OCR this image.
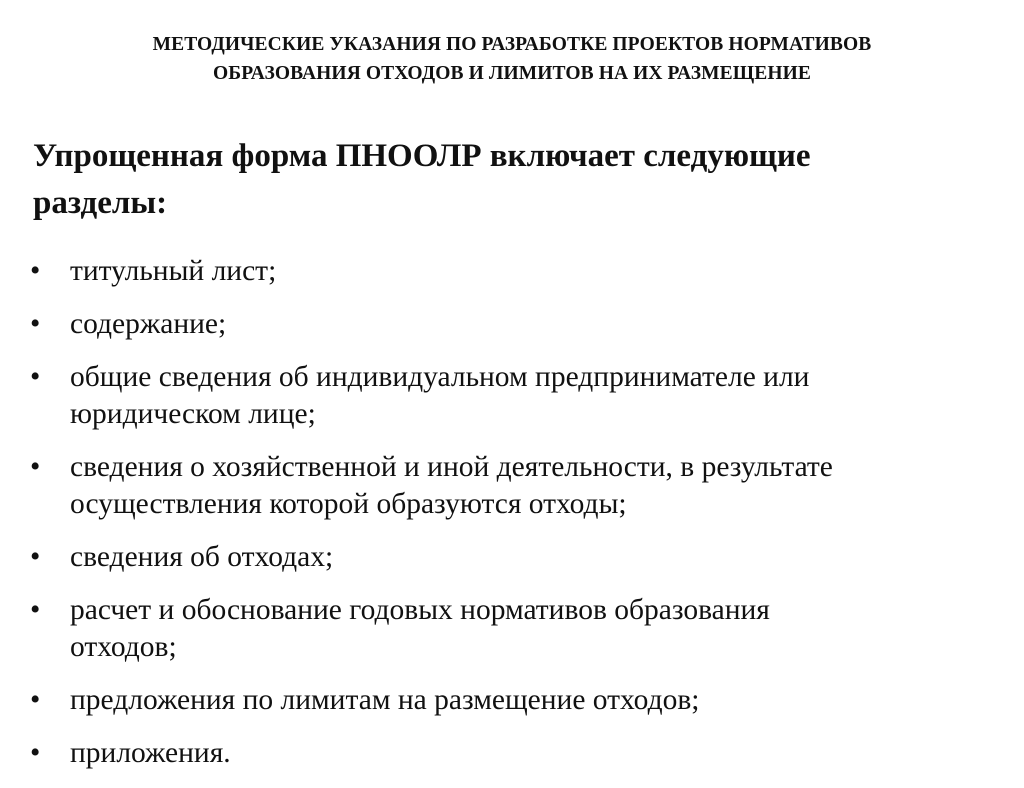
МЕТОДИЧЕСКИЕ УКАЗАНИЯ ПО РАЗРАБОТКЕ ПРОЕКТОВ НОРМАТИВОВ
ОБРАЗОВАНИЯ ОТХОДОВ И ЛИМИТОВ НА ИХ РАЗМЕЩЕНИЕ
Упрощенная форма ПНООЛР включает следующие
разделы:
• титульный лист;
• содержание;
• общие сведения об индивидуальном предпринимателе или
юридическом лице;
• сведения о хозяйственной и иной деятельности, в результате
осуществления которой образуются отходы;
• сведения об отходах;
• расчет и обоснование годовых нормативов образования
отходов;
• предложения по лимитам на размещение отходов;
• приложения.
